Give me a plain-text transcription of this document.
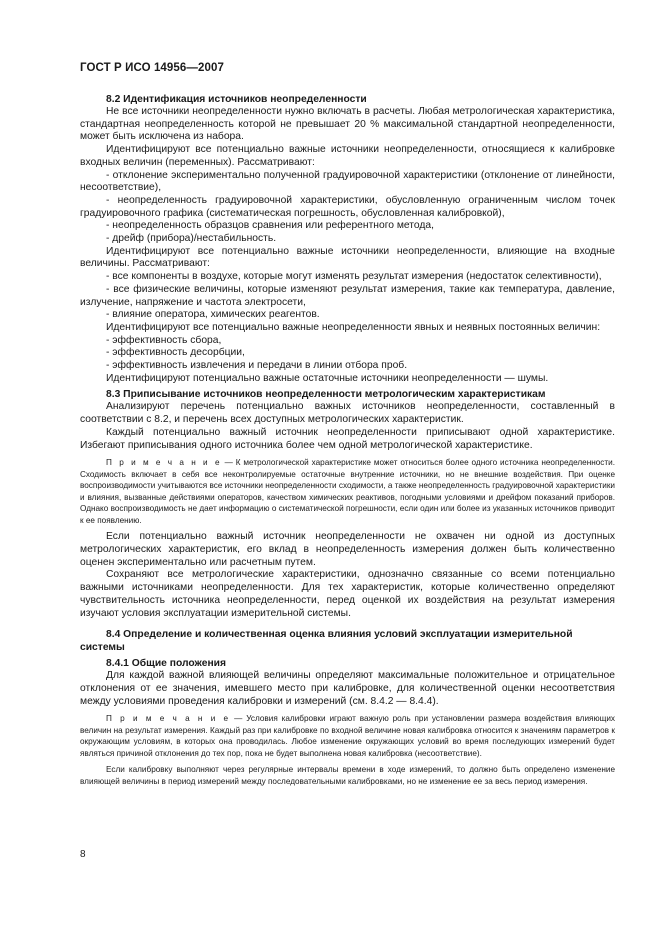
ГОСТ Р ИСО 14956—2007
8.2 Идентификация источников неопределенности

Не все источники неопределенности нужно включать в расчеты. Любая метрологическая характеристика, стандартная неопределенность которой не превышает 20 % максимальной стандартной неопределенности, может быть исключена из набора.

Идентифицируют все потенциально важные источники неопределенности, относящиеся к калибровке входных величин (переменных). Рассматривают:

- отклонение экспериментально полученной градуировочной характеристики (отклонение от линейности, несоответствие),

- неопределенность градуировочной характеристики, обусловленную ограниченным числом точек градуировочного графика (систематическая погрешность, обусловленная калибровкой),

- неопределенность образцов сравнения или референтного метода,

- дрейф (прибора)/нестабильность.

Идентифицируют все потенциально важные источники неопределенности, влияющие на входные величины. Рассматривают:

- все компоненты в воздухе, которые могут изменять результат измерения (недостаток селективности),

- все физические величины, которые изменяют результат измерения, такие как температура, давление, излучение, напряжение и частота электросети,

- влияние оператора, химических реагентов.

Идентифицируют все потенциально важные неопределенности явных и неявных постоянных величин:

- эффективность сбора,

- эффективность десорбции,

- эффективность извлечения и передачи в линии отбора проб.

Идентифицируют потенциально важные остаточные источники неопределенности — шумы.

8.3 Приписывание источников неопределенности метрологическим характеристикам

Анализируют перечень потенциально важных источников неопределенности, составленный в соответствии с 8.2, и перечень всех доступных метрологических характеристик.

Каждый потенциально важный источник неопределенности приписывают одной характеристике. Избегают приписывания одного источника более чем одной метрологической характеристике.

П р и м е ч а н и е — К метрологической характеристике может относиться более одного источника неопределенности. Сходимость включает в себя все неконтролируемые остаточные внутренние источники, но не внешние воздействия. При оценке воспроизводимости учитываются все источники неопределенности сходимости, а также неопределенность градуировочной характеристики и влияния, вызванные действиями операторов, качеством химических реактивов, погодными условиями и дрейфом показаний приборов. Однако воспроизводимость не дает информацию о систематической погрешности, если один или более из указанных источников приводит к ее появлению.

Если потенциально важный источник неопределенности не охвачен ни одной из доступных метрологических характеристик, его вклад в неопределенность измерения должен быть количественно оценен экспериментально или расчетным путем.

Сохраняют все метрологические характеристики, однозначно связанные со всеми потенциально важными источниками неопределенности. Для тех характеристик, которые количественно определяют чувствительность источника неопределенности, перед оценкой их воздействия на результат измерения изучают условия эксплуатации измерительной системы.

8.4 Определение и количественная оценка влияния условий эксплуатации измерительной системы
8.4.1 Общие положения

Для каждой важной влияющей величины определяют максимальные положительное и отрицательное отклонения от ее значения, имевшего место при калибровке, для количественной оценки несоответствия между условиями проведения калибровки и измерений (см. 8.4.2 — 8.4.4).

П р и м е ч а н и е — Условия калибровки играют важную роль при установлении размера воздействия влияющих величин на результат измерения. Каждый раз при калибровке по входной величине новая калибровка относится к значениям параметров к окружающим условиям, в которых она проводилась. Любое изменение окружающих условий во время последующих измерений будет являться причиной отклонения до тех пор, пока не будет выполнена новая калибровка (несоответствие).

Если калибровку выполняют через регулярные интервалы времени в ходе измерений, то должно быть определено изменение влияющей величины в период измерений между последовательными калибровками, но не изменение ее за весь период измерения.

8
